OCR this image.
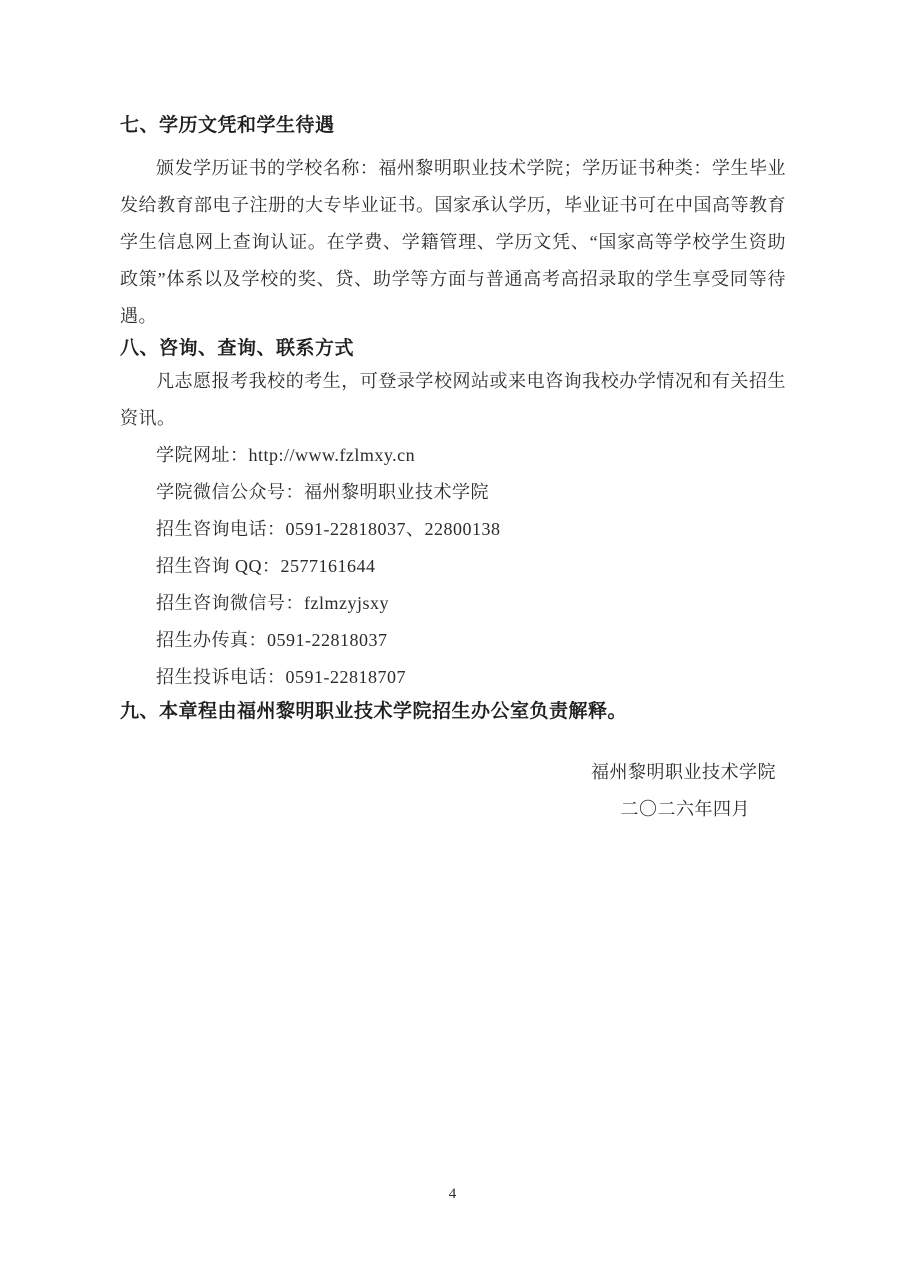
七、学历文凭和学生待遇

颁发学历证书的学校名称：福州黎明职业技术学院；学历证书种类：学生毕业发给教育部电子注册的大专毕业证书。国家承认学历，毕业证书可在中国高等教育学生信息网上查询认证。在学费、学籍管理、学历文凭、“国家高等学校学生资助政策”体系以及学校的奖、贷、助学等方面与普通高考高招录取的学生享受同等待遇。

八、咨询、查询、联系方式

凡志愿报考我校的考生，可登录学校网站或来电咨询我校办学情况和有关招生资讯。

学院网址：http://www.fzlmxy.cn
学院微信公众号：福州黎明职业技术学院
招生咨询电话：0591-22818037、22800138
招生咨询 QQ：2577161644
招生咨询微信号：fzlmzyjsxy
招生办传真：0591-22818037
招生投诉电话：0591-22818707
九、本章程由福州黎明职业技术学院招生办公室负责解释。
福州黎明职业技术学院
二〇二六年四月
4
